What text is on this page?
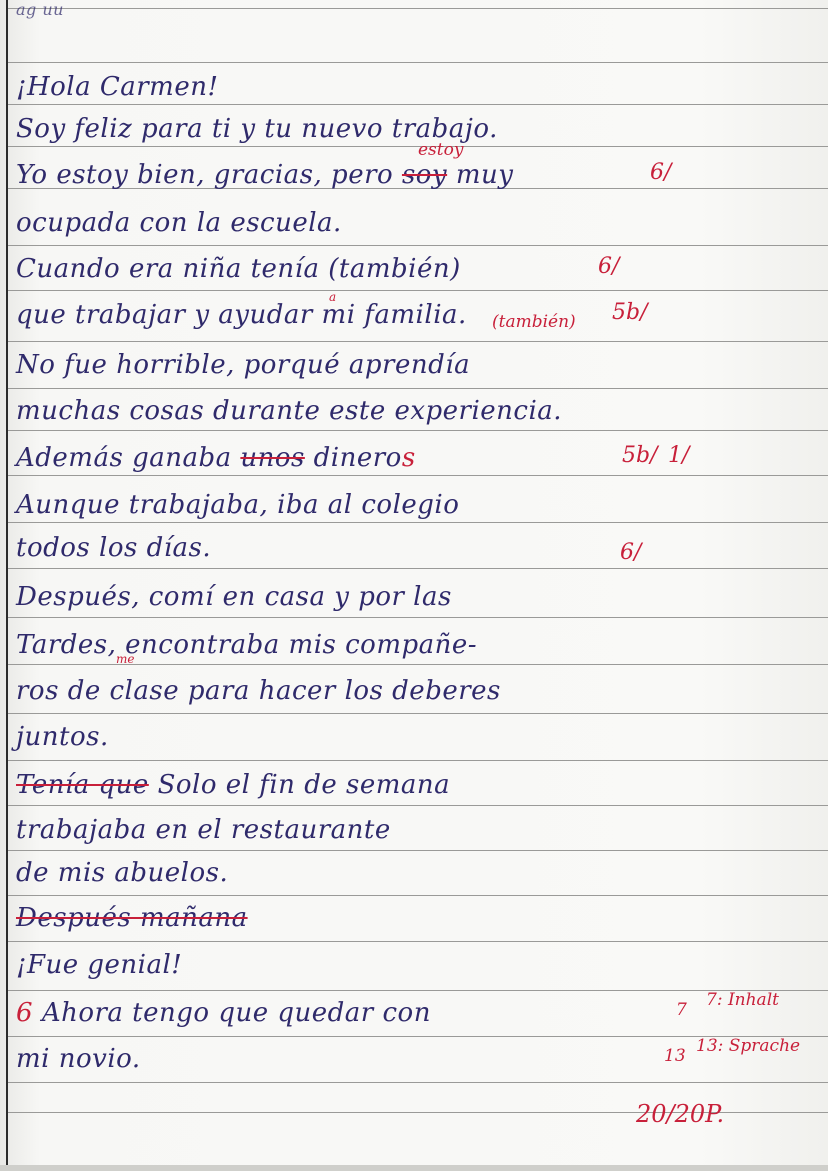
ag uu
¡Hola Carmen!
Soy feliz para ti y tu nuevo trabajo.
Yo estoy bien, gracias, pero soy muy
estoy
ocupada con la escuela.
Cuando era niña tenía (también)
que trabajar y ayudar mi familia.
a
(también)
No fue horrible, porqué aprendía
muchas cosas durante este experiencia.
Además ganaba unos dineros
Aunque trabajaba, iba al colegio
todos los días.
Después, comí en casa y por las
Tardes, encontraba mis compañe-
me
ros de clase para hacer los deberes
juntos.
Tenía que Solo el fin de semana
trabajaba en el restaurante
de mis abuelos.
Después mañana
¡Fue genial!
6 Ahora tengo que quedar con
mi novio.
6/
6/
5b/
5b/ 1/
6/
7 7: Inhalt
13 13: Sprache
20/20P.
